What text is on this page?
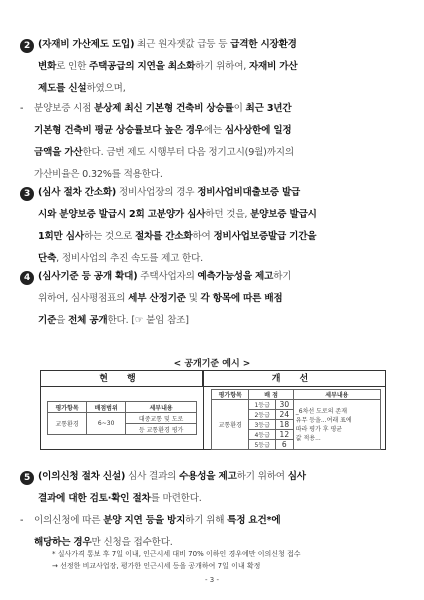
2 (자재비 가산제도 도입) 최근 원자잿값 급등 등 급격한 시장환경
변화로 인한 주택공급의 지연을 최소화하기 위하여, 자재비 가산
제도를 신설하였으며,
- 분양보증 시점 분상제 최신 기본형 건축비 상승률이 최근 3년간
기본형 건축비 평균 상승률보다 높은 경우에는 심사상한에 일정
금액을 가산한다. 금번 제도 시행부터 다음 정기고시(9월)까지의
가산비율은 0.32%를 적용한다.
3 (심사 절차 간소화) 정비사업장의 경우 정비사업비대출보증 발급
시와 분양보증 발급시 2회 고분양가 심사하던 것을, 분양보증 발급시
1회만 심사하는 것으로 절차를 간소화하여 정비사업보증발급 기간을
단축, 정비사업의 추진 속도를 제고 한다.
4 (심사기준 등 공개 확대) 주택사업자의 예측가능성을 제고하기
위하여, 심사평점표의 세부 산정기준 및 각 항목에 따른 배점
기준을 전체 공개한다. [☞ 붙임 참조]
< 공개기준 예시 >
현 행	개 선
평가항목	배점범위	세부내용
교통환경	6~30	대중교통 및 도로
		등 교통환경 평가
평가항목	배 점		세부내용
교통환경	1등급	30	_6차선 도로의 존재
유무 등을...여래 표에
따라 평가 후 평균
값 적용...
	2등급	24	
	3등급	18	
	4등급	12	
	5등급	6	
5 (이의신청 절차 신설) 심사 결과의 수용성을 제고하기 위하여 심사
결과에 대한 검토·확인 절차를 마련한다.
- 이의신청에 따른 분양 지연 등을 방지하기 위해 특정 요건*에
해당하는 경우만 신청을 접수한다.
* 실사가격 통보 후 7일 이내, 인근시세 대비 70% 이하인 경우에만 이의신청 접수
→ 선정한 비교사업장, 평가한 인근시세 등을 공개하여 7일 이내 확정
- 3 -
